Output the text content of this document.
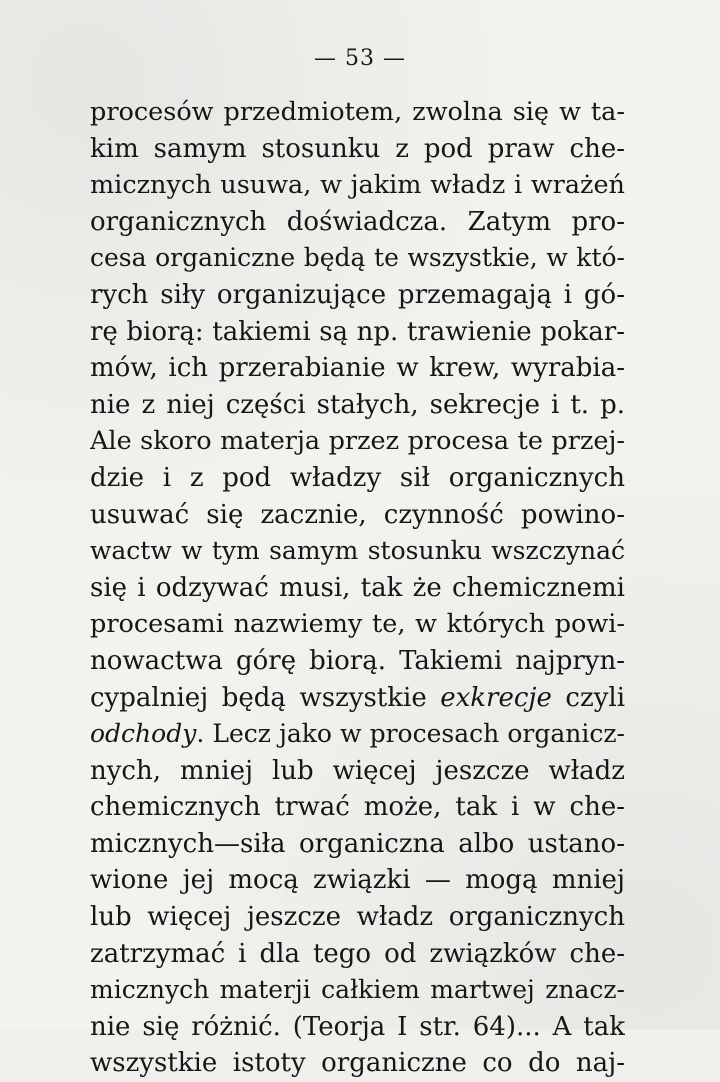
— 53 —
procesów przedmiotem, zwolna się w ta-
kim samym stosunku z pod praw che-
micznych usuwa, w jakim władz i wrażeń
organicznych doświadcza. Zatym pro-
cesa organiczne będą te wszystkie, w któ-
rych siły organizujące przemagają i gó-
rę biorą: takiemi są np. trawienie pokar-
mów, ich przerabianie w krew, wyrabia-
nie z niej części stałych, sekrecje i t. p.
Ale skoro materja przez procesa te przej-
dzie i z pod władzy sił organicznych
usuwać się zacznie, czynność powino-
wactw w tym samym stosunku wszczynać
się i odzywać musi, tak że chemicznemi
procesami nazwiemy te, w których powi-
nowactwa górę biorą. Takiemi najpryn-
cypalniej będą wszystkie exkrecje czyli
odchody. Lecz jako w procesach organicz-
nych, mniej lub więcej jeszcze władz
chemicznych trwać może, tak i w che-
micznych—siła organiczna albo ustano-
wione jej mocą związki — mogą mniej
lub więcej jeszcze władz organicznych
zatrzymać i dla tego od związków che-
micznych materji całkiem martwej znacz-
nie się różnić. (Teorja I str. 64)... A tak
wszystkie istoty organiczne co do naj-
